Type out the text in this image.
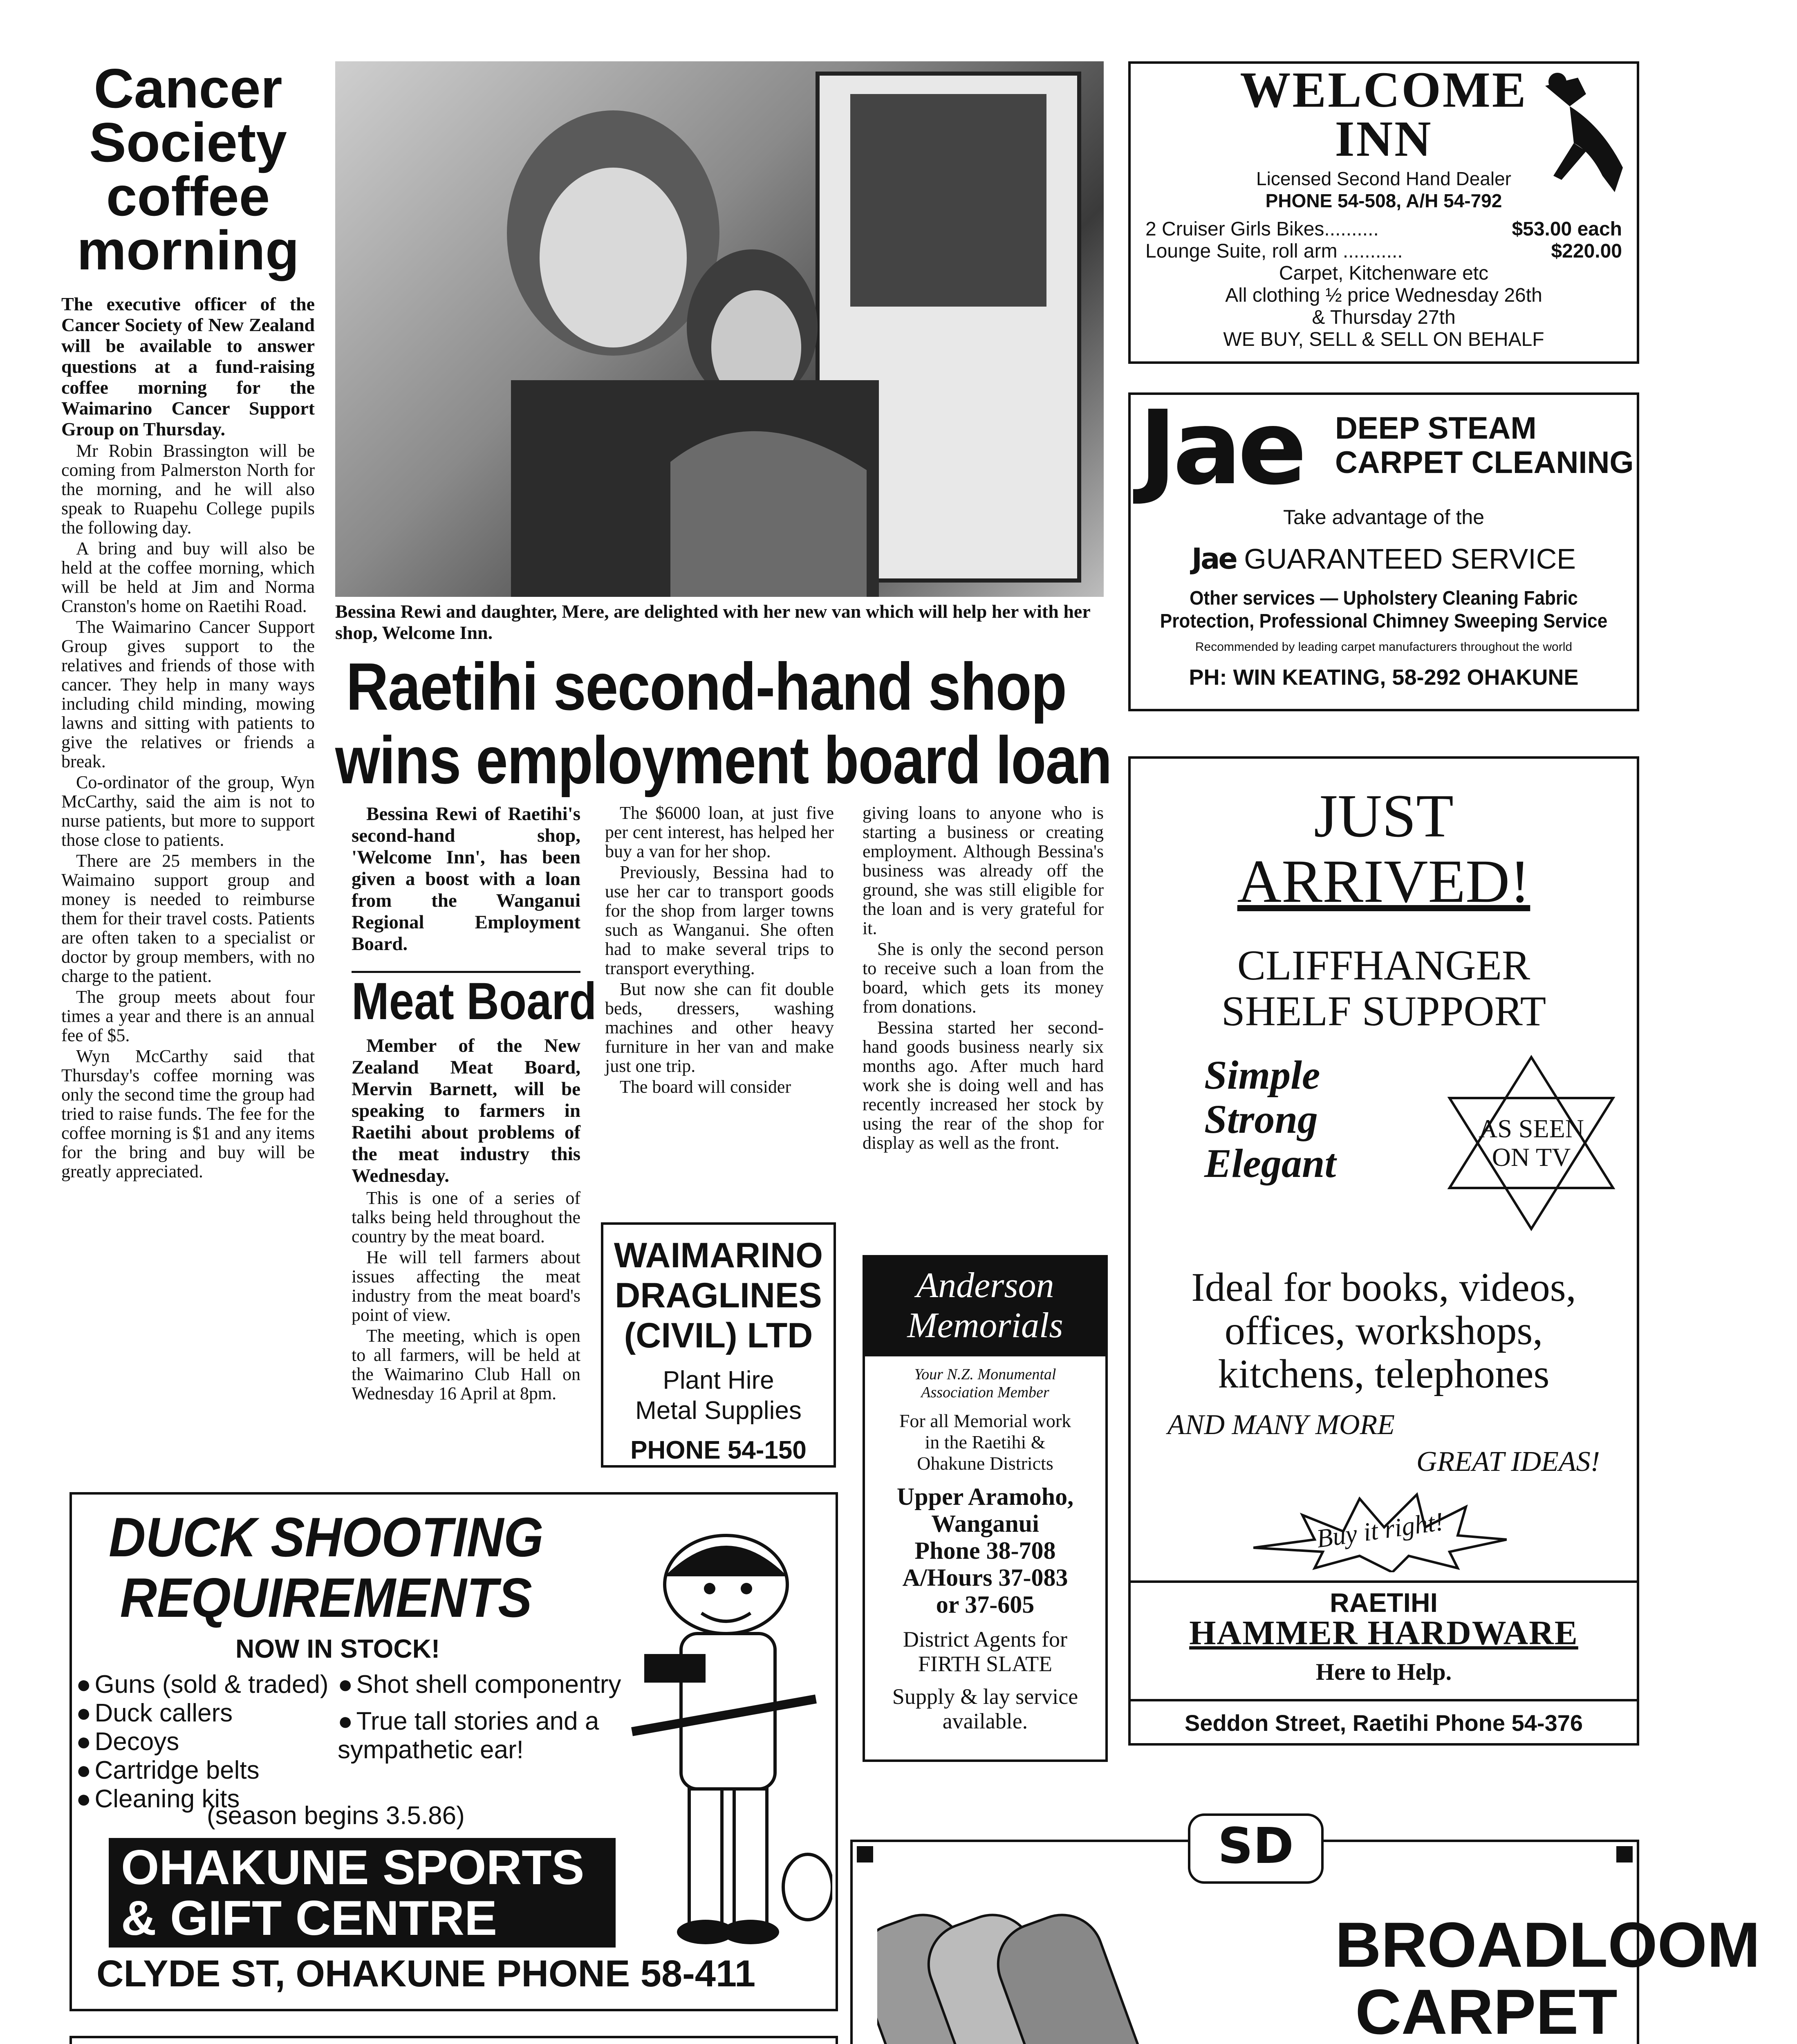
Cancer
Society
coffee
morning

The executive officer of the Cancer Society of New Zealand will be available to answer questions at a fund-raising coffee morning for the Waimarino Cancer Support Group on Thursday.

Mr Robin Brassington will be coming from Palmerston North for the morning, and he will also speak to Ruapehu College pupils the following day.

A bring and buy will also be held at the coffee morning, which will be held at Jim and Norma Cranston's home on Raetihi Road.

The Waimarino Cancer Support Group gives support to the relatives and friends of those with cancer. They help in many ways including child minding, mowing lawns and sitting with patients to give the relatives or friends a break.

Co-ordinator of the group, Wyn McCarthy, said the aim is not to nurse patients, but more to support those close to patients.

There are 25 members in the Waimaino support group and money is needed to reimburse them for their travel costs. Patients are often taken to a specialist or doctor by group members, with no charge to the patient.

The group meets about four times a year and there is an annual fee of $5.

Wyn McCarthy said that Thursday's coffee morning was only the second time the group had tried to raise funds. The fee for the coffee morning is $1 and any items for the bring and buy will be greatly appreciated.

Bessina Rewi and daughter, Mere, are delighted with her new van which will help her with her shop, Welcome Inn.
Raetihi second-hand shop
wins employment board loan

Bessina Rewi of Raetihi's second-hand shop, 'Welcome Inn', has been given a boost with a loan from the Wanganui Regional Employment Board.

Meat Board

Member of the New Zealand Meat Board, Mervin Barnett, will be speaking to farmers in Raetihi about problems of the meat industry this Wednesday.

This is one of a series of talks being held throughout the country by the meat board.

He will tell farmers about issues affecting the meat industry from the meat board's point of view.

The meeting, which is open to all farmers, will be held at the Waimarino Club Hall on Wednesday 16 April at 8pm.

The $6000 loan, at just five per cent interest, has helped her buy a van for her shop.

Previously, Bessina had to use her car to transport goods for the shop from larger towns such as Wanganui. She often had to make several trips to transport everything.

But now she can fit double beds, dressers, washing machines and other heavy furniture in her van and make just one trip.

The board will consider

giving loans to anyone who is starting a business or creating employment. Although Bessina's business was already off the ground, she was still eligible for the loan and is very grateful for it.

She is only the second person to receive such a loan from the board, which gets its money from donations.

Bessina started her second-hand goods business nearly six months ago. After much hard work she is doing well and has recently increased her stock by using the rear of the shop for display as well as the front.

WAIMARINO
DRAGLINES
(CIVIL) LTD
Plant Hire
Metal Supplies
PHONE 54-150
Anderson
Memorials
Your N.Z. Monumental
Association Member
For all Memorial work
in the Raetihi &
Ohakune Districts
Upper Aramoho,
Wanganui
Phone 38-708
A/Hours 37-083
or 37-605
District Agents for
FIRTH SLATE
Supply & lay service
available.
WELCOME
INN
Licensed Second Hand Dealer
PHONE 54-508, A/H 54-792
2 Cruiser Girls Bikes..........	$53.00 each
Lounge Suite, roll arm ...........	$220.00
Carpet, Kitchenware etc
All clothing ½ price Wednesday 26th
& Thursday 27th
WE BUY, SELL & SELL ON BEHALF
Jae	DEEP STEAM
CARPET CLEANING
Take advantage of the
Jae GUARANTEED SERVICE
Other services — Upholstery Cleaning Fabric
Protection, Professional Chimney Sweeping Service
Recommended by leading carpet manufacturers throughout the world
PH: WIN KEATING, 58-292 OHAKUNE
JUST
ARRIVED!
CLIFFHANGER
SHELF SUPPORT
Simple
Strong
Elegant
AS SEEN
ON TV
Ideal for books, videos,
offices, workshops,
kitchens, telephones
AND MANY MORE
GREAT IDEAS!
Buy it right!
RAETIHI
HAMMER HARDWARE
Here to Help.
Seddon Street, Raetihi Phone 54-376
DUCK SHOOTING
REQUIREMENTS
NOW IN STOCK!
● Guns (sold & traded)
● Duck callers
● Decoys
● Cartridge belts
● Cleaning kits
● Shot shell componentry
● True tall stories and a sympathetic ear!
(season begins 3.5.86)
OHAKUNE SPORTS
& GIFT CENTRE
CLYDE ST, OHAKUNE PHONE 58-411
SD
BROADLOOM
CARPET
